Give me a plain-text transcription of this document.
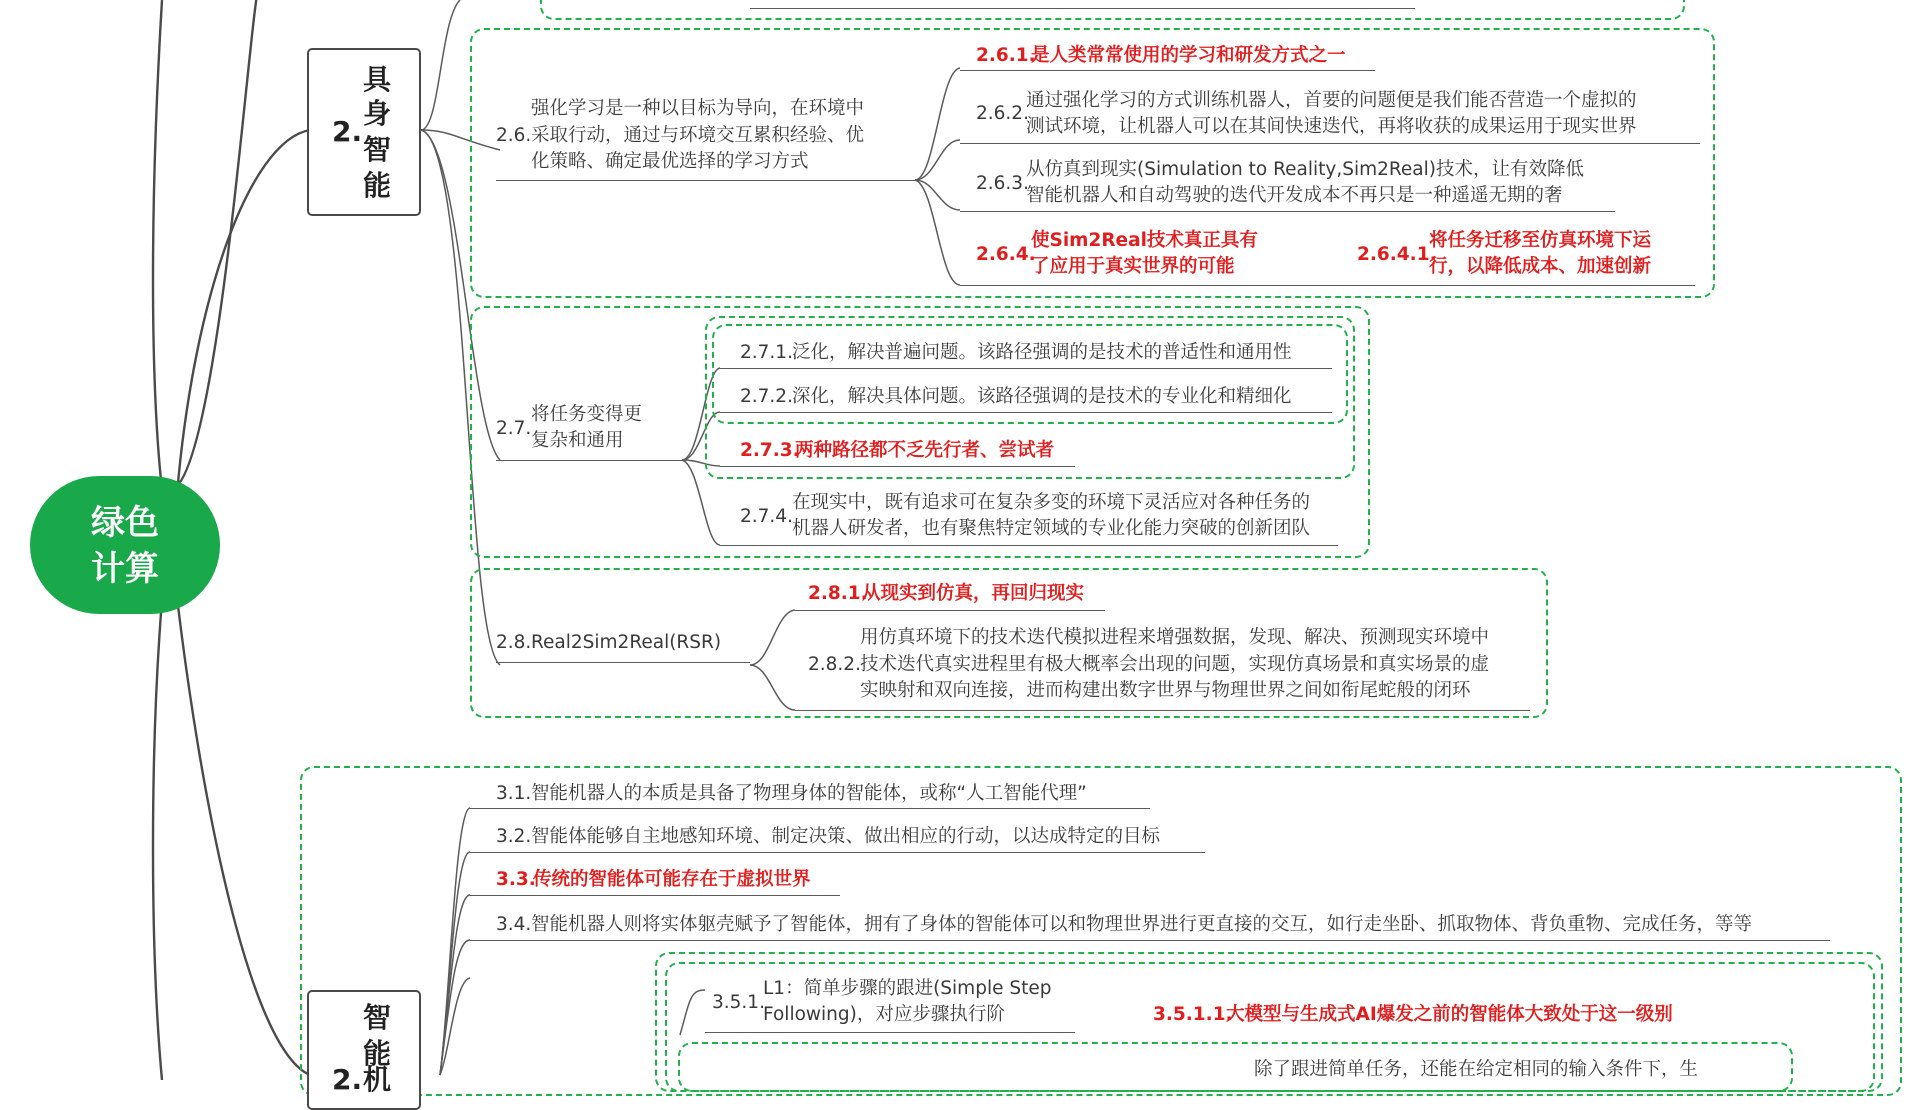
绿色
计算
2.
具
身
智
能
智
能
2. 机
2.6.
强化学习是一种以目标为导向，在环境中
采取行动，通过与环境交互累积经验、优
化策略、确定最优选择的学习方式
2.6.1.
是人类常常使用的学习和研发方式之一
2.6.2.
通过强化学习的方式训练机器人，首要的问题便是我们能否营造一个虚拟的
测试环境，让机器人可以在其间快速迭代，再将收获的成果运用于现实世界
2.6.3.
从仿真到现实(Simulation to Reality,Sim2Real)技术，让有效降低
智能机器人和自动驾驶的迭代开发成本不再只是一种遥遥无期的奢
2.6.4.
使Sim2Real技术真正具有
了应用于真实世界的可能
2.6.4.1.
将任务迁移至仿真环境下运
行，以降低成本、加速创新
2.7.
将任务变得更
复杂和通用
2.7.1. 泛化，解决普遍问题。该路径强调的是技术的普适性和通用性
2.7.2. 深化，解决具体问题。该路径强调的是技术的专业化和精细化
2.7.3.
两种路径都不乏先行者、尝试者
2.7.4.
在现实中，既有追求可在复杂多变的环境下灵活应对各种任务的
机器人研发者，也有聚焦特定领域的专业化能力突破的创新团队
2.8. Real2Sim2Real(RSR)
2.8.1.
从现实到仿真，再回归现实
2.8.2.
用仿真环境下的技术迭代模拟进程来增强数据，发现、解决、预测现实环境中
技术迭代真实进程里有极大概率会出现的问题，实现仿真场景和真实场景的虚
实映射和双向连接，进而构建出数字世界与物理世界之间如衔尾蛇般的闭环
3.1. 智能机器人的本质是具备了物理身体的智能体，或称“人工智能代理”
3.2. 智能体能够自主地感知环境、制定决策、做出相应的行动，以达成特定的目标
3.3.
传统的智能体可能存在于虚拟世界
3.4. 智能机器人则将实体躯壳赋予了智能体，拥有了身体的智能体可以和物理世界进行更直接的交互，如行走坐卧、抓取物体、背负重物、完成任务，等等
3.5.1.
L1：简单步骤的跟进(Simple Step
Following)，对应步骤执行阶	3.5.1.1.
大模型与生成式AI爆发之前的智能体大致处于这一级别
除了跟进简单任务，还能在给定相同的输入条件下，生
